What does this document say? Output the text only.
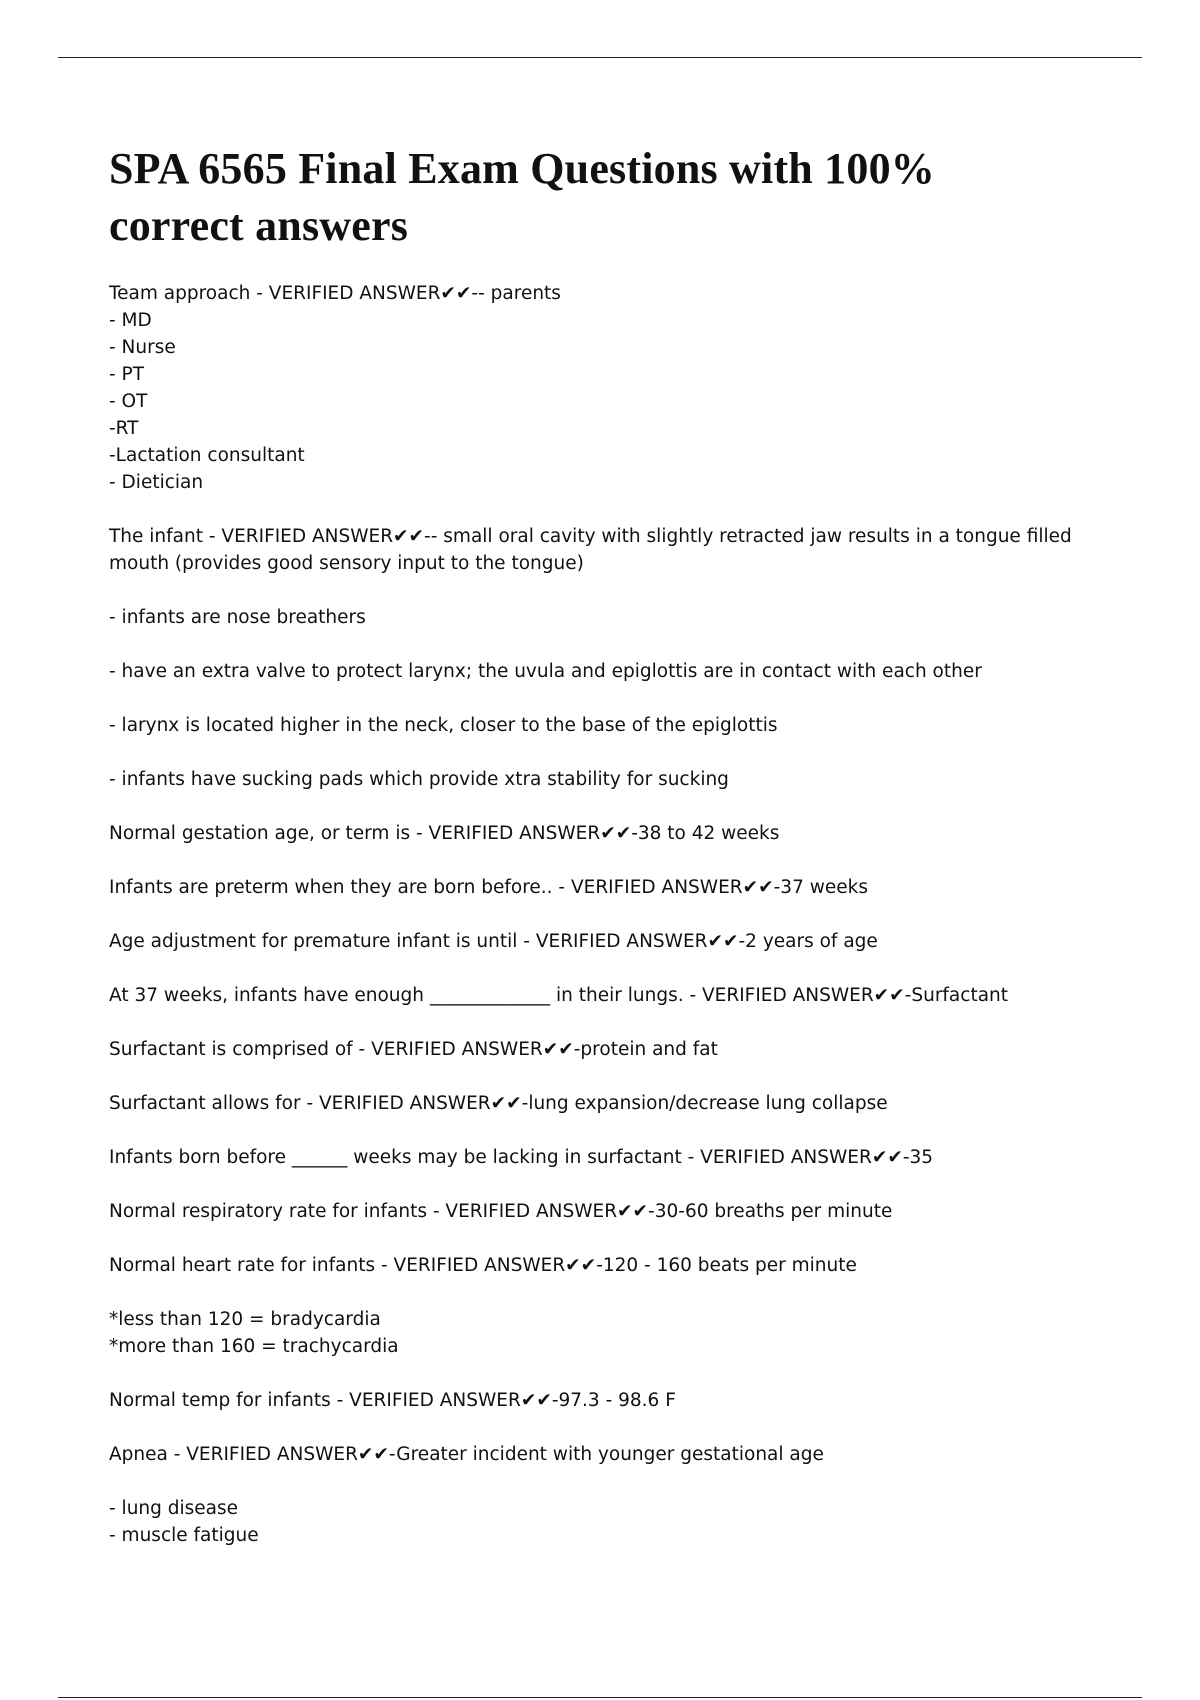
SPA 6565 Final Exam Questions with 100%
correct answers
Team approach - VERIFIED ANSWER✔✔-- parents
- MD
- Nurse
- PT
- OT
-RT
-Lactation consultant
- Dietician
The infant - VERIFIED ANSWER✔✔-- small oral cavity with slightly retracted jaw results in a tongue filled
mouth (provides good sensory input to the tongue)
- infants are nose breathers
- have an extra valve to protect larynx; the uvula and epiglottis are in contact with each other
- larynx is located higher in the neck, closer to the base of the epiglottis
- infants have sucking pads which provide xtra stability for sucking
Normal gestation age, or term is - VERIFIED ANSWER✔✔-38 to 42 weeks
Infants are preterm when they are born before.. - VERIFIED ANSWER✔✔-37 weeks
Age adjustment for premature infant is until - VERIFIED ANSWER✔✔-2 years of age
At 37 weeks, infants have enough _____________ in their lungs. - VERIFIED ANSWER✔✔-Surfactant
Surfactant is comprised of - VERIFIED ANSWER✔✔-protein and fat
Surfactant allows for - VERIFIED ANSWER✔✔-lung expansion/decrease lung collapse
Infants born before ______ weeks may be lacking in surfactant - VERIFIED ANSWER✔✔-35
Normal respiratory rate for infants - VERIFIED ANSWER✔✔-30-60 breaths per minute
Normal heart rate for infants - VERIFIED ANSWER✔✔-120 - 160 beats per minute
*less than 120 = bradycardia
*more than 160 = trachycardia
Normal temp for infants - VERIFIED ANSWER✔✔-97.3 - 98.6 F
Apnea - VERIFIED ANSWER✔✔-Greater incident with younger gestational age
- lung disease
- muscle fatigue
